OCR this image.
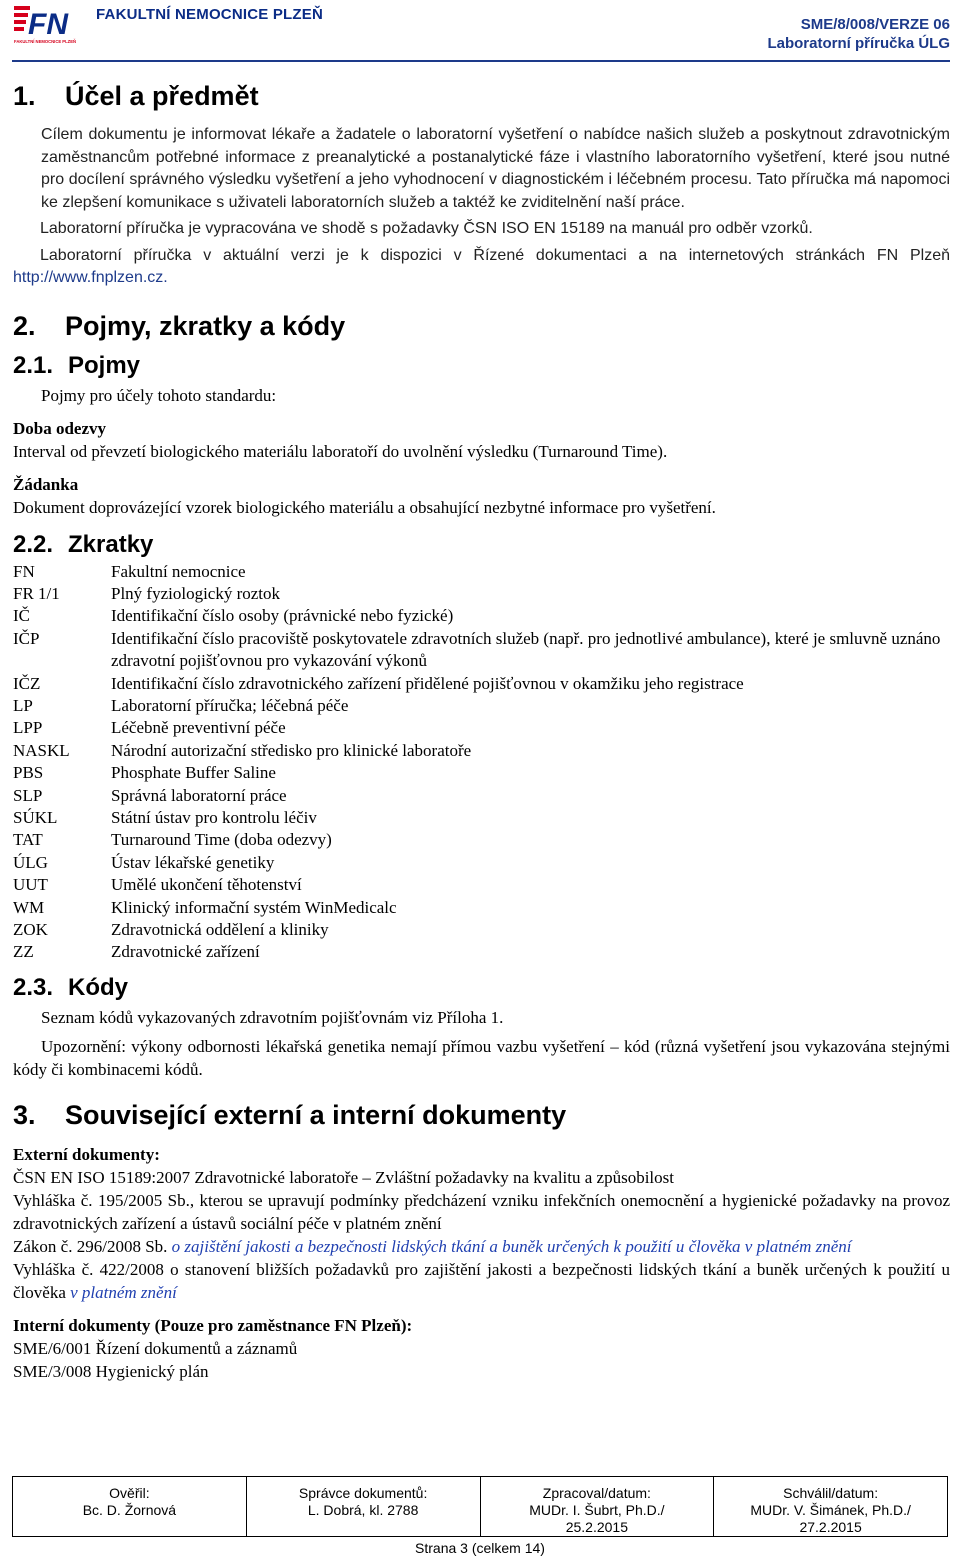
FN
FAKULTNÍ NEMOCNICE PLZEŇ
FAKULTNÍ NEMOCNICE PLZEŇ
SME/8/008/VERZE 06
Laboratorní příručka ÚLG
1.	Účel a předmět

Cílem dokumentu je informovat lékaře a žadatele o laboratorní vyšetření o nabídce našich služeb a poskytnout zdravotnickým zaměstnancům potřebné informace z preanalytické a postanalytické fáze i vlastního laboratorního vyšetření, které jsou nutné pro docílení správného výsledku vyšetření a jeho vyhodnocení v diagnostickém i léčebném procesu. Tato příručka má napomoci ke zlepšení komunikace s uživateli laboratorních služeb a taktéž ke zviditelnění naší práce.

Laboratorní příručka je vypracována ve shodě s požadavky ČSN ISO EN 15189 na manuál pro odběr vzorků.

Laboratorní příručka v aktuální verzi je k dispozici v Řízené dokumentaci a na internetových stránkách FN Plzeň http://www.fnplzen.cz.

2.	Pojmy, zkratky a kódy
2.1. Pojmy

Pojmy pro účely tohoto standardu:

Doba odezvy

Interval od převzetí biologického materiálu laboratoří do uvolnění výsledku (Turnaround Time).

Žádanka

Dokument doprovázející vzorek biologického materiálu a obsahující nezbytné informace pro vyšetření.

2.2. Zkratky
FN	Fakultní nemocnice
FR 1/1	Plný fyziologický roztok
IČ	Identifikační číslo osoby (právnické nebo fyzické)
IČP	Identifikační číslo pracoviště poskytovatele zdravotních služeb (např. pro jednotlivé ambulance), které je smluvně uznáno zdravotní pojišťovnou pro vykazování výkonů
IČZ	Identifikační číslo zdravotnického zařízení přidělené pojišťovnou v okamžiku jeho registrace
LP	Laboratorní příručka; léčebná péče
LPP	Léčebně preventivní péče
NASKL	Národní autorizační středisko pro klinické laboratoře
PBS	Phosphate Buffer Saline
SLP	Správná laboratorní práce
SÚKL	Státní ústav pro kontrolu léčiv
TAT	Turnaround Time (doba odezvy)
ÚLG	Ústav lékařské genetiky
UUT	Umělé ukončení těhotenství
WM	Klinický informační systém WinMedicalc
ZOK	Zdravotnická oddělení a kliniky
ZZ	Zdravotnické zařízení
2.3. Kódy

Seznam kódů vykazovaných zdravotním pojišťovnám viz Příloha 1.

Upozornění: výkony odbornosti lékařská genetika nemají přímou vazbu vyšetření – kód (různá vyšetření jsou vykazována stejnými kódy či kombinacemi kódů.

3.	Související externí a interní dokumenty

Externí dokumenty:

ČSN EN ISO 15189:2007 Zdravotnické laboratoře – Zvláštní požadavky na kvalitu a způsobilost

Vyhláška č. 195/2005 Sb., kterou se upravují podmínky předcházení vzniku infekčních onemocnění a hygienické požadavky na provoz zdravotnických zařízení a ústavů sociální péče v platném znění

Zákon č. 296/2008 Sb. o zajištění jakosti a bezpečnosti lidských tkání a buněk určených k použití u člověka v platném znění

Vyhláška č. 422/2008 o stanovení bližších požadavků pro zajištění jakosti a bezpečnosti lidských tkání a buněk určených k použití u člověka v platném znění

Interní dokumenty (Pouze pro zaměstnance FN Plzeň):

SME/6/001 Řízení dokumentů a záznamů

SME/3/008 Hygienický plán

Ověřil:
Bc. D. Žornová

Správce dokumentů:
L. Dobrá, kl. 2788

Zpracoval/datum:
MUDr. I. Šubrt, Ph.D./
25.2.2015

Schválil/datum:
MUDr. V. Šimánek, Ph.D./
27.2.2015
Strana 3 (celkem 14)
